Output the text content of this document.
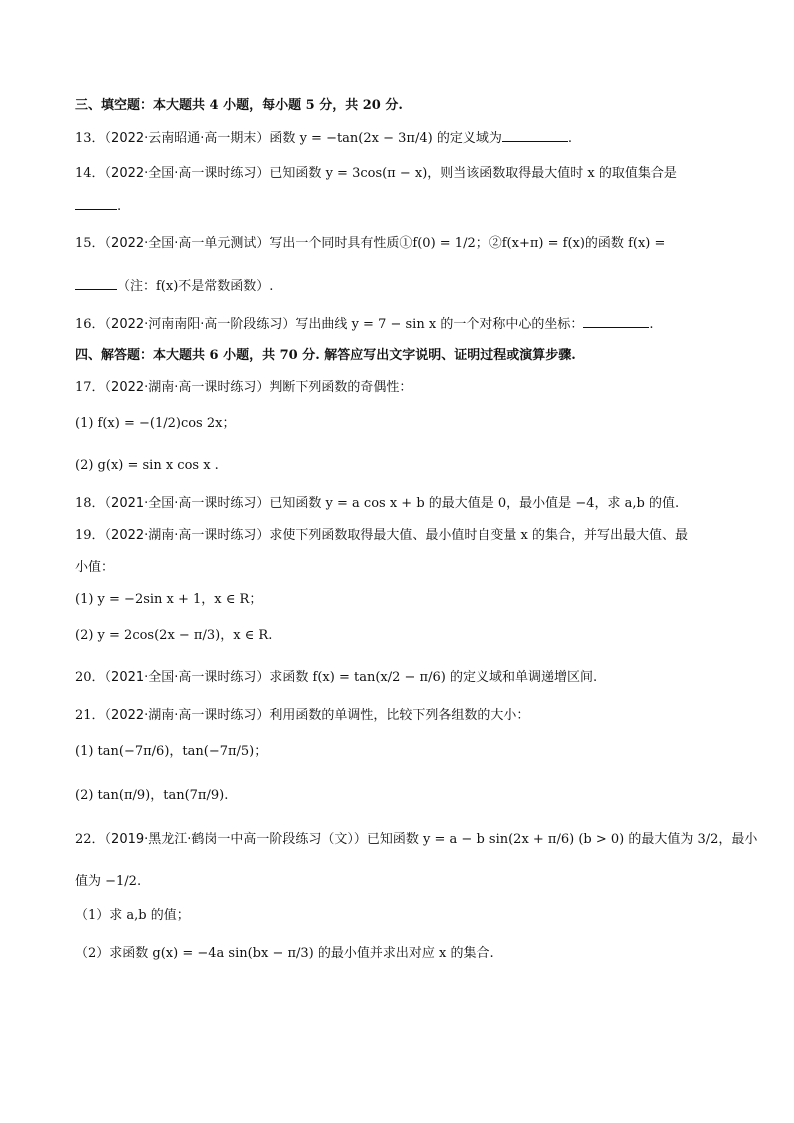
三、填空题：本大题共 4 小题，每小题 5 分，共 20 分.
13．（2022·云南昭通·高一期末）函数 y = −tan(2x − 3π/4) 的定义域为	.
14．（2022·全国·高一课时练习）已知函数 y = 3cos(π − x)，则当该函数取得最大值时 x 的取值集合是
.
15．（2022·全国·高一单元测试）写出一个同时具有性质①f(0) = 1/2；②f(x+π) = f(x)的函数 f(x) =
（注：f(x)不是常数函数）.
16．（2022·河南南阳·高一阶段练习）写出曲线 y = 7 − sin x 的一个对称中心的坐标：	.
四、解答题：本大题共 6 小题，共 70 分. 解答应写出文字说明、证明过程或演算步骤.
17．（2022·湖南·高一课时练习）判断下列函数的奇偶性：
(1) f(x) = −(1/2)cos 2x；
(2) g(x) = sin x cos x .
18．（2021·全国·高一课时练习）已知函数 y = a cos x + b 的最大值是 0，最小值是 −4，求 a,b 的值.
19．（2022·湖南·高一课时练习）求使下列函数取得最大值、最小值时自变量 x 的集合，并写出最大值、最
小值：
(1) y = −2sin x + 1，x ∈ R；
(2) y = 2cos(2x − π/3)，x ∈ R.
20．（2021·全国·高一课时练习）求函数 f(x) = tan(x/2 − π/6) 的定义域和单调递增区间.
21．（2022·湖南·高一课时练习）利用函数的单调性，比较下列各组数的大小：
(1) tan(−7π/6)，tan(−7π/5)；
(2) tan(π/9)，tan(7π/9).
22．（2019·黑龙江·鹤岗一中高一阶段练习（文））已知函数 y = a − b sin(2x + π/6) (b > 0) 的最大值为 3/2，最小
值为 −1/2.
（1）求 a,b 的值；
（2）求函数 g(x) = −4a sin(bx − π/3) 的最小值并求出对应 x 的集合.
